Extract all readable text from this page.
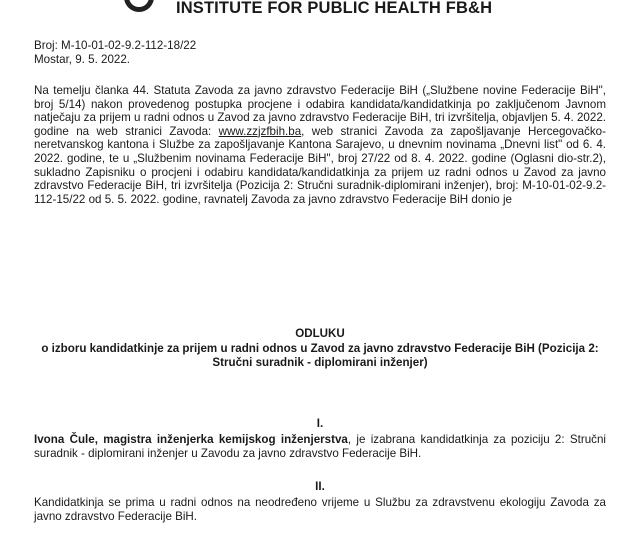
INSTITUTE FOR PUBLIC HEALTH FB&H
Broj: M-10-01-02-9.2-112-18/22
Mostar, 9. 5. 2022.
Na temelju članka 44. Statuta Zavoda za javno zdravstvo Federacije BiH („Službene novine Federacije BiH", broj 5/14) nakon provedenog postupka procjene i odabira kandidata/kandidatkinja po zaključenom Javnom natječaju za prijem u radni odnos u Zavod za javno zdravstvo Federacije BiH, tri izvršitelja, objavljen 5. 4. 2022. godine na web stranici Zavoda: www.zzjzfbih.ba, web stranici Zavoda za zapošljavanje Hercegovačko-neretvanskog kantona i Službe za zapošljavanje Kantona Sarajevo, u dnevnim novinama „Dnevni list" od 6. 4. 2022. godine, te u „Službenim novinama Federacije BiH", broj 27/22 od 8. 4. 2022. godine (Oglasni dio-str.2), sukladno Zapisniku o procjeni i odabiru kandidata/kandidatkinja za prijem uz radni odnos u Zavod za javno zdravstvo Federacije BiH, tri izvršitelja (Pozicija 2: Stručni suradnik-diplomirani inženjer), broj: M-10-01-02-9.2-112-15/22 od 5. 5. 2022. godine, ravnatelj Zavoda za javno zdravstvo Federacije BiH donio je
ODLUKU
o izboru kandidatkinje za prijem u radni odnos u Zavod za javno zdravstvo Federacije BiH (Pozicija 2: Stručni suradnik - diplomirani inženjer)
I.
Ivona Čule, magistra inženjerka kemijskog inženjerstva, je izabrana kandidatkinja za poziciju 2: Stručni suradnik - diplomirani inženjer u Zavodu za javno zdravstvo Federacije BiH.
II.
Kandidatkinja se prima u radni odnos na neodređeno vrijeme u Službu za zdravstvenu ekologiju Zavoda za javno zdravstvo Federacije BiH.
